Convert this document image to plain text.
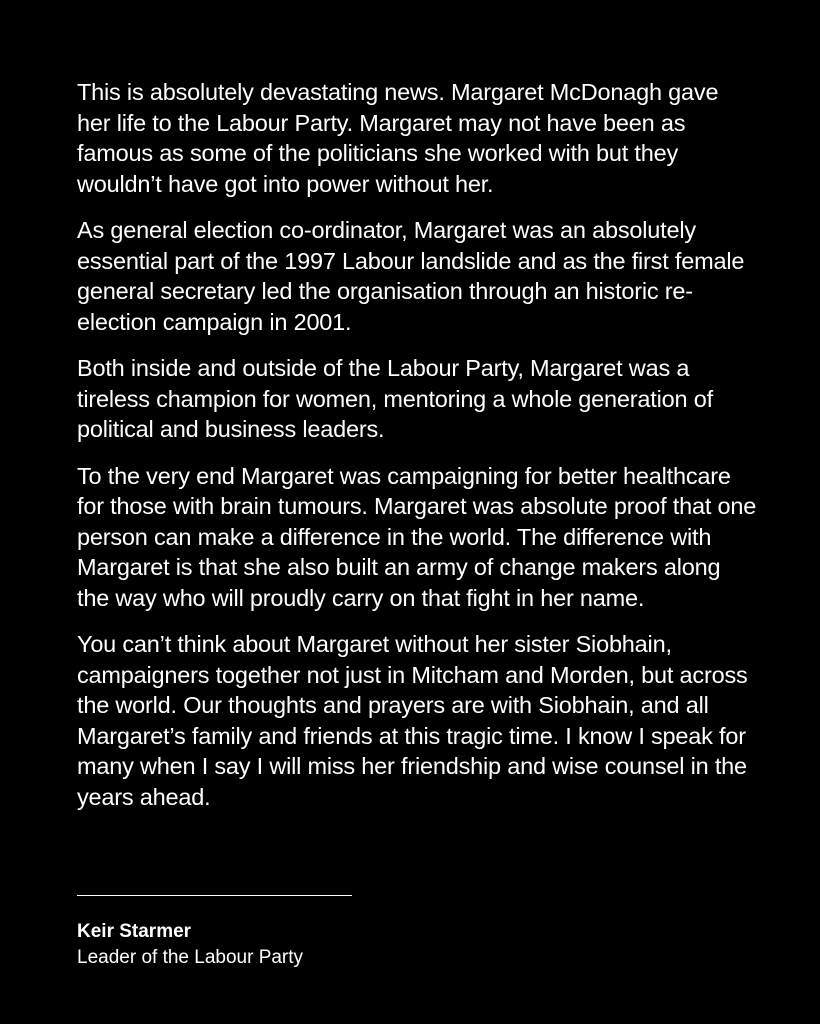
This is absolutely devastating news. Margaret McDonagh gave her life to the Labour Party. Margaret may not have been as famous as some of the politicians she worked with but they wouldn’t have got into power without her.

As general election co-ordinator, Margaret was an absolutely essential part of the 1997 Labour landslide and as the first female general secretary led the organisation through an historic re-election campaign in 2001.

Both inside and outside of the Labour Party, Margaret was a tireless champion for women, mentoring a whole generation of political and business leaders.

To the very end Margaret was campaigning for better healthcare for those with brain tumours. Margaret was absolute proof that one person can make a difference in the world. The difference with Margaret is that she also built an army of change makers along the way who will proudly carry on that fight in her name.

You can’t think about Margaret without her sister Siobhain, campaigners together not just in Mitcham and Morden, but across the world. Our thoughts and prayers are with Siobhain, and all Margaret’s family and friends at this tragic time. I know I speak for many when I say I will miss her friendship and wise counsel in the years ahead.

Keir Starmer
Leader of the Labour Party
